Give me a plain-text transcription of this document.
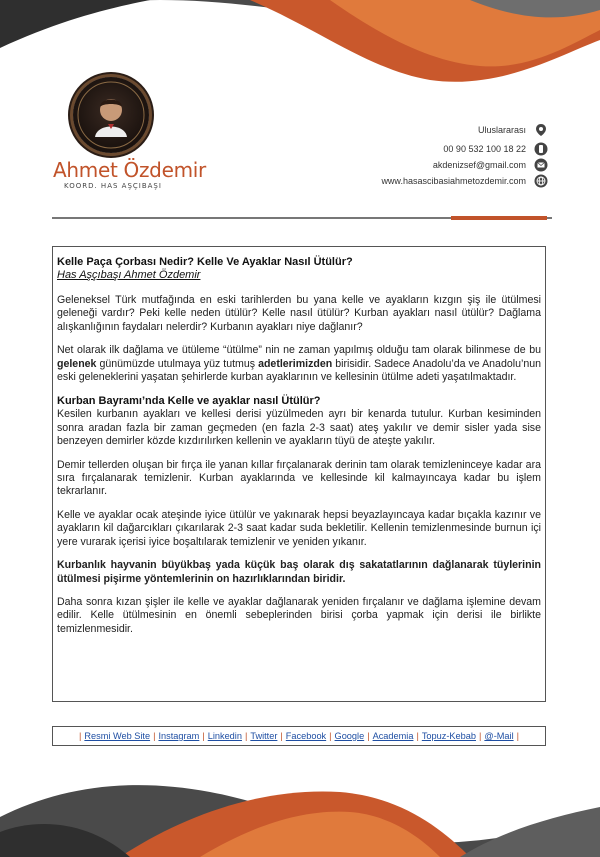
Ahmet Özdemir
KOORD. HAS AŞÇIBAŞI
Uluslararası
00 90 532 100 18 22
akdenizsef@gmail.com
www.hasascibasiahmetozdemir.com

Kelle Paça Çorbası Nedir? Kelle Ve Ayaklar Nasıl Ütülür?

Has Aşçıbaşı Ahmet Özdemir

Geleneksel Türk mutfağında en eski tarihlerden bu yana kelle ve ayakların kızgın şiş ile ütülmesi geleneği vardır? Peki kelle neden ütülür? Kelle nasıl ütülür? Kurban ayakları nasıl ütülür? Dağlama alışkanlığının faydaları nelerdir? Kurbanın ayakları niye dağlanır?

Net olarak ilk dağlama ve ütüleme “ütülme” nin ne zaman yapılmış olduğu tam olarak bilinmese de bu gelenek günümüzde utulmaya yüz tutmuş adetlerimizden birisidir. Sadece Anadolu’da ve Anadolu’nun eski geleneklerini yaşatan şehirlerde kurban ayaklarının ve kellesinin ütülme adeti yaşatılmaktadır.

Kurban Bayramı’nda Kelle ve ayaklar nasıl Ütülür?

Kesilen kurbanın ayakları ve kellesi derisi yüzülmeden ayrı bir kenarda tutulur. Kurban kesiminden sonra aradan fazla bir zaman geçmeden (en fazla 2-3 saat) ateş yakılır ve demir sisler yada sise benzeyen demirler közde kızdırılırken kellenin ve ayakların tüyü de ateşte yakılır.

Demir tellerden oluşan bir fırça ile yanan kıllar fırçalanarak derinin tam olarak temizleninceye kadar ara sıra fırçalanarak temizlenir. Kurban ayaklarında ve kellesinde kil kalmayıncaya kadar bu işlem tekrarlanır.

Kelle ve ayaklar ocak ateşinde iyice ütülür ve yakınarak hepsi beyazlayıncaya kadar bıçakla kazınır ve ayakların kil dağarcıkları çıkarılarak 2-3 saat kadar suda bekletilir. Kellenin temizlenmesinde burnun içi yere vurarak içerisi iyice boşaltılarak temizlenir ve yeniden yıkanır.

Kurbanlık hayvanin büyükbaş yada küçük baş olarak dış sakatatlarının dağlanarak tüylerinin ütülmesi pişirme yöntemlerinin on hazırlıklarından biridir.

Daha sonra kızan şişler ile kelle ve ayaklar dağlanarak yeniden fırçalanır ve dağlama işlemine devam edilir. Kelle ütülmesinin en önemli sebeplerinden birisi çorba yapmak için derisi ile birlikte temizlenmesidir.

| Resmi Web Site | Instagram | Linkedin | Twitter | Facebook | Google | Academia | Topuz-Kebab | @-Mail |
